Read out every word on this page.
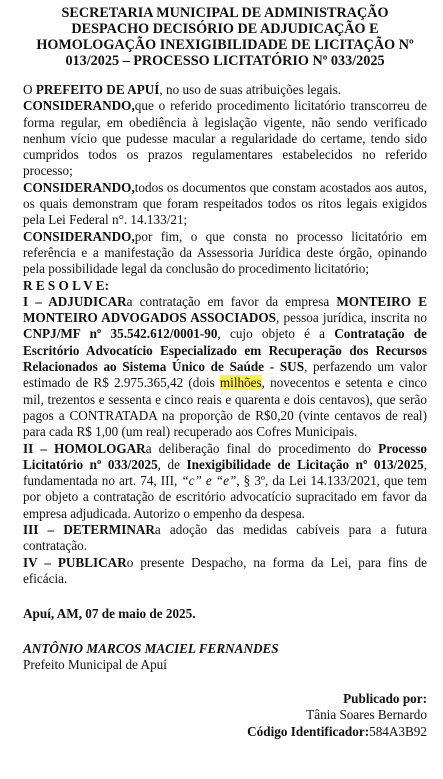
SECRETARIA MUNICIPAL DE ADMINISTRAÇÃO
DESPACHO DECISÓRIO DE ADJUDICAÇÃO E
HOMOLOGAÇÃO INEXIGIBILIDADE DE LICITAÇÃO Nº
013/2025 – PROCESSO LICITATÓRIO Nº 033/2025

O PREFEITO DE APUÍ, no uso de suas atribuições legais.

CONSIDERANDO,que o referido procedimento licitatório transcorreu de forma regular, em obediência à legislação vigente, não sendo verificado nenhum vício que pudesse macular a regularidade do certame, tendo sido cumpridos todos os prazos regulamentares estabelecidos no referido processo;

CONSIDERANDO,todos os documentos que constam acostados aos autos, os quais demonstram que foram respeitados todos os ritos legais exigidos pela Lei Federal n°. 14.133/21;

CONSIDERANDO,por fim, o que consta no processo licitatório em referência e a manifestação da Assessoria Jurídica deste órgão, opinando pela possibilidade legal da conclusão do procedimento licitatório;

R E S O L V E:

I – ADJUDICARa contratação em favor da empresa MONTEIRO E MONTEIRO ADVOGADOS ASSOCIADOS, pessoa jurídica, inscrita no CNPJ/MF nº 35.542.612/0001-90, cujo objeto é a Contratação de Escritório Advocatício Especializado em Recuperação dos Recursos Relacionados ao Sistema Único de Saúde - SUS, perfazendo um valor estimado de R$ 2.975.365,42 (dois milhões, novecentos e setenta e cinco mil, trezentos e sessenta e cinco reais e quarenta e dois centavos), que serão pagos a CONTRATADA na proporção de R$0,20 (vinte centavos de real) para cada R$ 1,00 (um real) recuperado aos Cofres Municipais.

II – HOMOLOGARa deliberação final do procedimento do Processo Licitatório nº 033/2025, de Inexigibilidade de Licitação nº 013/2025, fundamentada no art. 74, III, “c” e “e”, § 3º, da Lei 14.133/2021, que tem por objeto a contratação de escritório advocatício supracitado em favor da empresa adjudicada. Autorizo o empenho da despesa.

III – DETERMINARa adoção das medidas cabíveis para a futura contratação.

IV – PUBLICARo presente Despacho, na forma da Lei, para fins de eficácia.

Apuí, AM, 07 de maio de 2025.

ANTÔNIO MARCOS MACIEL FERNANDES

Prefeito Municipal de Apuí

Publicado por:

Tânia Soares Bernardo

Código Identificador:584A3B92
